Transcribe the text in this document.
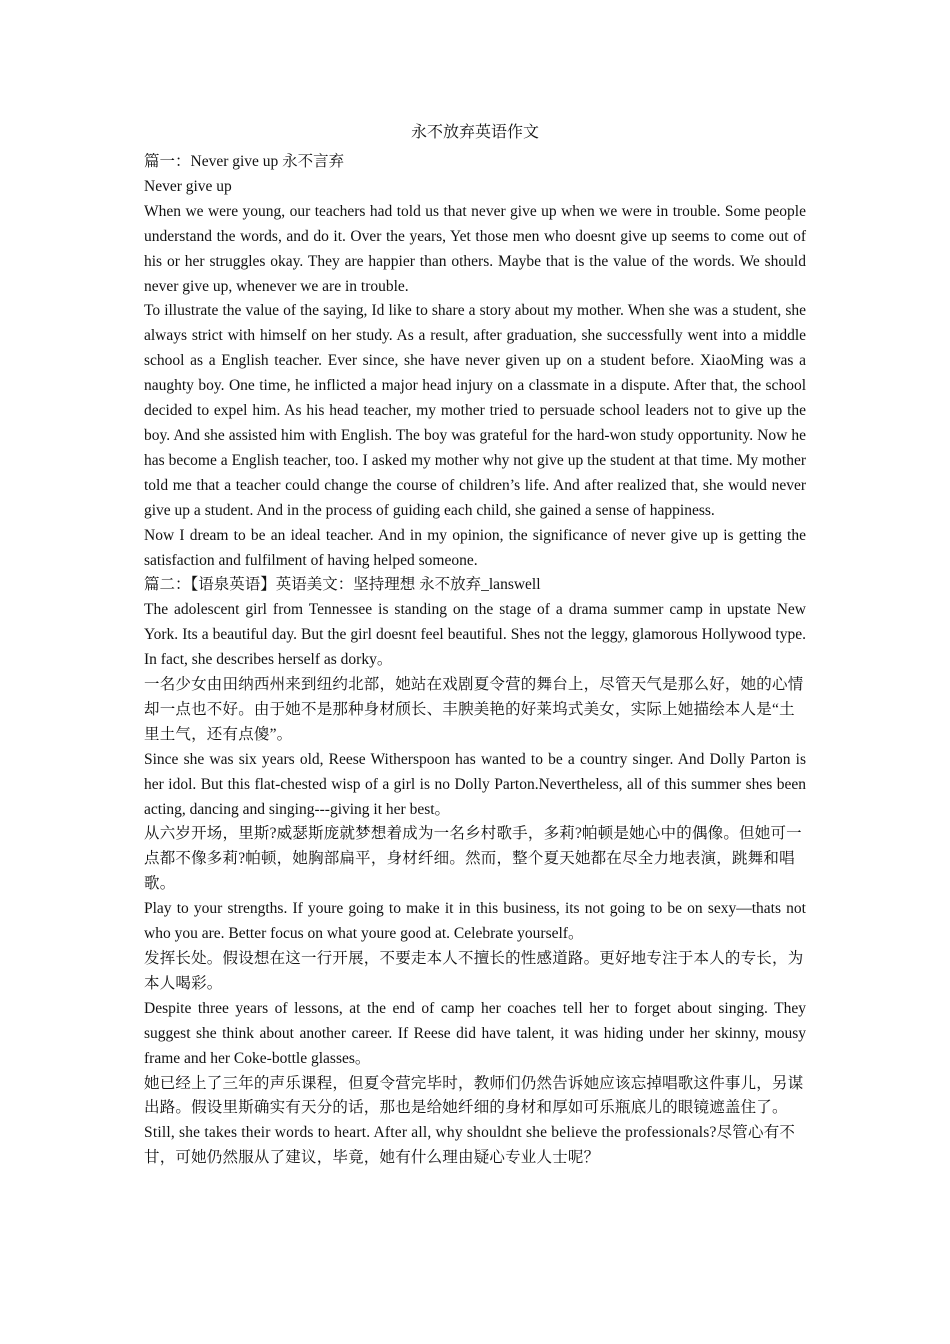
永不放弃英语作文

篇一：Never give up 永不言弃

Never give up

When we were young, our teachers had told us that never give up when we were in trouble. Some people understand the words, and do it. Over the years, Yet those men who doesnt give up seems to come out of his or her struggles okay. They are happier than others. Maybe that is the value of the words. We should never give up, whenever we are in trouble.

To illustrate the value of the saying, Id like to share a story about my mother. When she was a student, she always strict with himself on her study. As a result, after graduation, she successfully went into a middle school as a English teacher. Ever since, she have never given up on a student before. XiaoMing was a naughty boy. One time, he inflicted a major head injury on a classmate in a dispute. After that, the school decided to expel him. As his head teacher, my mother tried to persuade school leaders not to give up the boy. And she assisted him with English. The boy was grateful for the hard-won study opportunity. Now he has become a English teacher, too. I asked my mother why not give up the student at that time. My mother told me that a teacher could change the course of children’s life. And after realized that, she would never give up a student. And in the process of guiding each child, she gained a sense of happiness.

Now I dream to be an ideal teacher. And in my opinion, the significance of never give up is getting the satisfaction and fulfilment of having helped someone.

篇二：【语泉英语】英语美文：坚持理想 永不放弃_lanswell

The adolescent girl from Tennessee is standing on the stage of a drama summer camp in upstate New York. Its a beautiful day. But the girl doesnt feel beautiful. Shes not the leggy, glamorous Hollywood type. In fact, she describes herself as dorky。

一名少女由田纳西州来到纽约北部，她站在戏剧夏令营的舞台上，尽管天气是那么好，她的心情却一点也不好。由于她不是那种身材颀长、丰腴美艳的好莱坞式美女，实际上她描绘本人是“土里土气，还有点傻”。

Since she was six years old, Reese Witherspoon has wanted to be a country singer. And Dolly Parton is her idol. But this flat-chested wisp of a girl is no Dolly Parton.Nevertheless, all of this summer shes been acting, dancing and singing---giving it her best。

从六岁开场，里斯?威瑟斯庞就梦想着成为一名乡村歌手，多莉?帕顿是她心中的偶像。但她可一点都不像多莉?帕顿，她胸部扁平，身材纤细。然而，整个夏天她都在尽全力地表演，跳舞和唱歌。

Play to your strengths. If youre going to make it in this business, its not going to be on sexy—thats not who you are. Better focus on what youre good at. Celebrate yourself。

发挥长处。假设想在这一行开展，不要走本人不擅长的性感道路。更好地专注于本人的专长，为本人喝彩。

Despite three years of lessons, at the end of camp her coaches tell her to forget about singing. They suggest she think about another career. If Reese did have talent, it was hiding under her skinny, mousy frame and her Coke-bottle glasses。

她已经上了三年的声乐课程，但夏令营完毕时，教师们仍然告诉她应该忘掉唱歌这件事儿，另谋出路。假设里斯确实有天分的话，那也是给她纤细的身材和厚如可乐瓶底儿的眼镜遮盖住了。

Still, she takes their words to heart. After all, why shouldnt she believe the professionals?尽管心有不甘，可她仍然服从了建议，毕竟，她有什么理由疑心专业人士呢？
